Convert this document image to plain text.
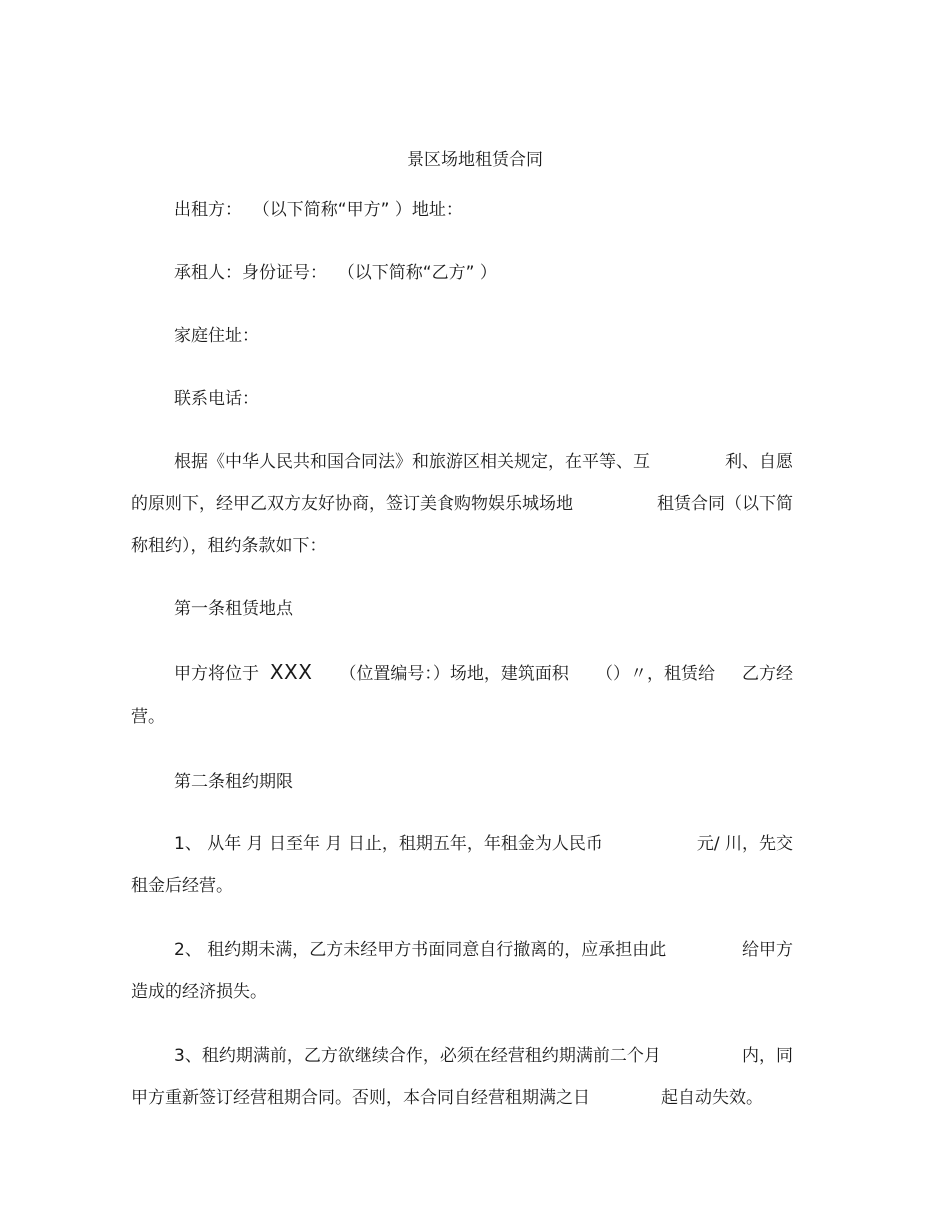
景区场地租赁合同
出租方：  （以下简称“甲方” ）地址：
承租人：身份证号：  （以下简称“乙方” ）
家庭住址：
联系电话：
根据《中华人民共和国合同法》和旅游区相关规定，在平等、互	利、自愿
的原则下，经甲乙双方友好协商，签订美食购物娱乐城场地	租赁合同（以下简
称租约），租约条款如下：
第一条租赁地点
甲方将位于 XXX （位置编号：）场地，建筑面积 （）〃，租赁给 乙方经
营。
第二条租约期限
1、 从年 月 日至年 月 日止，租期五年，年租金为人民币	元/ 川，先交
租金后经营。
2、 租约期未满，乙方未经甲方书面同意自行撤离的，应承担由此	给甲方
造成的经济损失。
3、租约期满前，乙方欲继续合作，必须在经营租约期满前二个月	内，同
甲方重新签订经营租期合同。否则，本合同自经营租期满之日	起自动失效。
